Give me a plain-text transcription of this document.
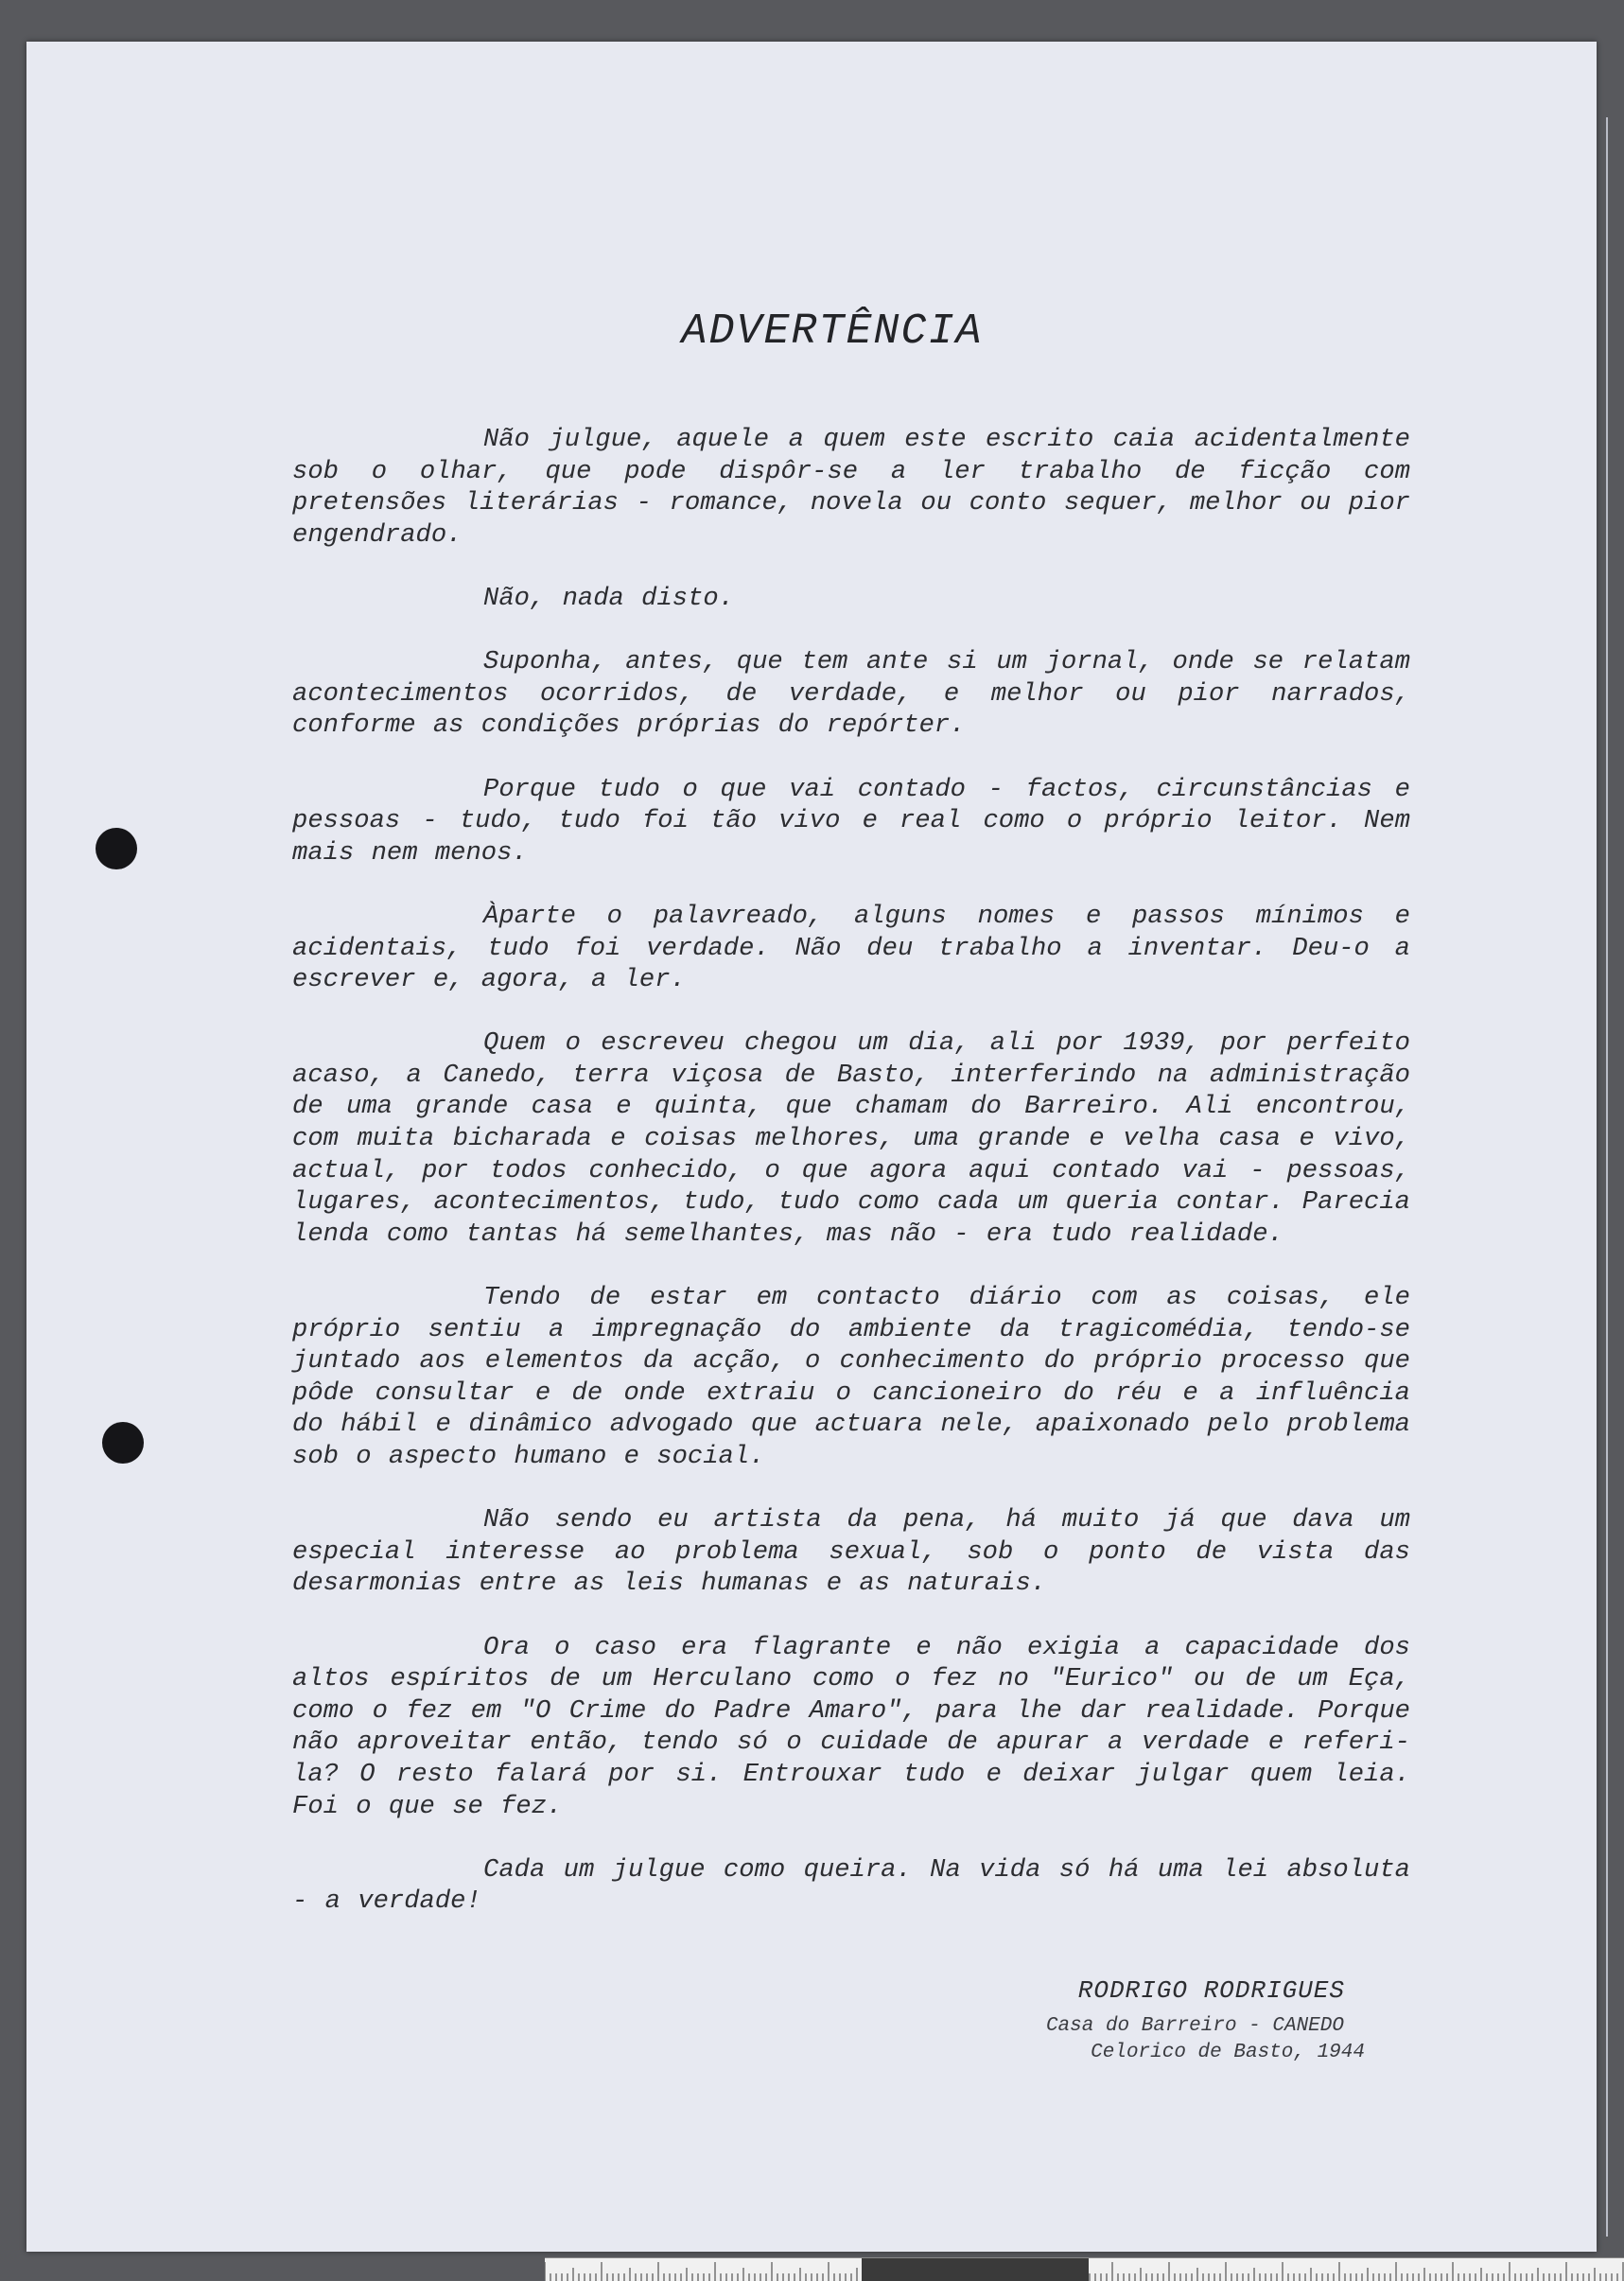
ADVERTÊNCIA

Não julgue, aquele a quem este escrito caia acidentalmente sob o olhar, que pode dispôr-se a ler trabalho de ficção com pretensões literárias - romance, novela ou conto sequer, melhor ou pior engendrado.

Não, nada disto.

Suponha, antes, que tem ante si um jornal, onde se relatam acontecimentos ocorridos, de verdade, e melhor ou pior narrados, conforme as condições próprias do repórter.

Porque tudo o que vai contado - factos, circunstâncias e pessoas - tudo, tudo foi tão vivo e real como o próprio leitor. Nem mais nem menos.

Àparte o palavreado, alguns nomes e passos mínimos e acidentais, tudo foi verdade. Não deu trabalho a inventar. Deu-o a escrever e, agora, a ler.

Quem o escreveu chegou um dia, ali por 1939, por perfeito acaso, a Canedo, terra viçosa de Basto, interferindo na administração de uma grande casa e quinta, que chamam do Barreiro. Ali encontrou, com muita bicharada e coisas melhores, uma grande e velha casa e vivo, actual, por todos conhecido, o que agora aqui contado vai - pessoas, lugares, acontecimentos, tudo, tudo como cada um queria contar. Parecia lenda como tantas há semelhantes, mas não - era tudo realidade.

Tendo de estar em contacto diário com as coisas, ele próprio sentiu a impregnação do ambiente da tragicomédia, tendo-se juntado aos elementos da acção, o conhecimento do próprio processo que pôde consultar e de onde extraiu o cancioneiro do réu e a influência do hábil e dinâmico advogado que actuara nele, apaixonado pelo problema sob o aspecto humano e social.

Não sendo eu artista da pena, há muito já que dava um especial interesse ao problema sexual, sob o ponto de vista das desarmonias entre as leis humanas e as naturais.

Ora o caso era flagrante e não exigia a capacidade dos altos espíritos de um Herculano como o fez no "Eurico" ou de um Eça, como o fez em "O Crime do Padre Amaro", para lhe dar realidade. Porque não aproveitar então, tendo só o cuidade de apurar a verdade e referi-la? O resto falará por si. Entrouxar tudo e deixar julgar quem leia. Foi o que se fez.

Cada um julgue como queira. Na vida só há uma lei absoluta - a verdade!

RODRIGO RODRIGUES
Casa do Barreiro - CANEDO
Celorico de Basto, 1944
